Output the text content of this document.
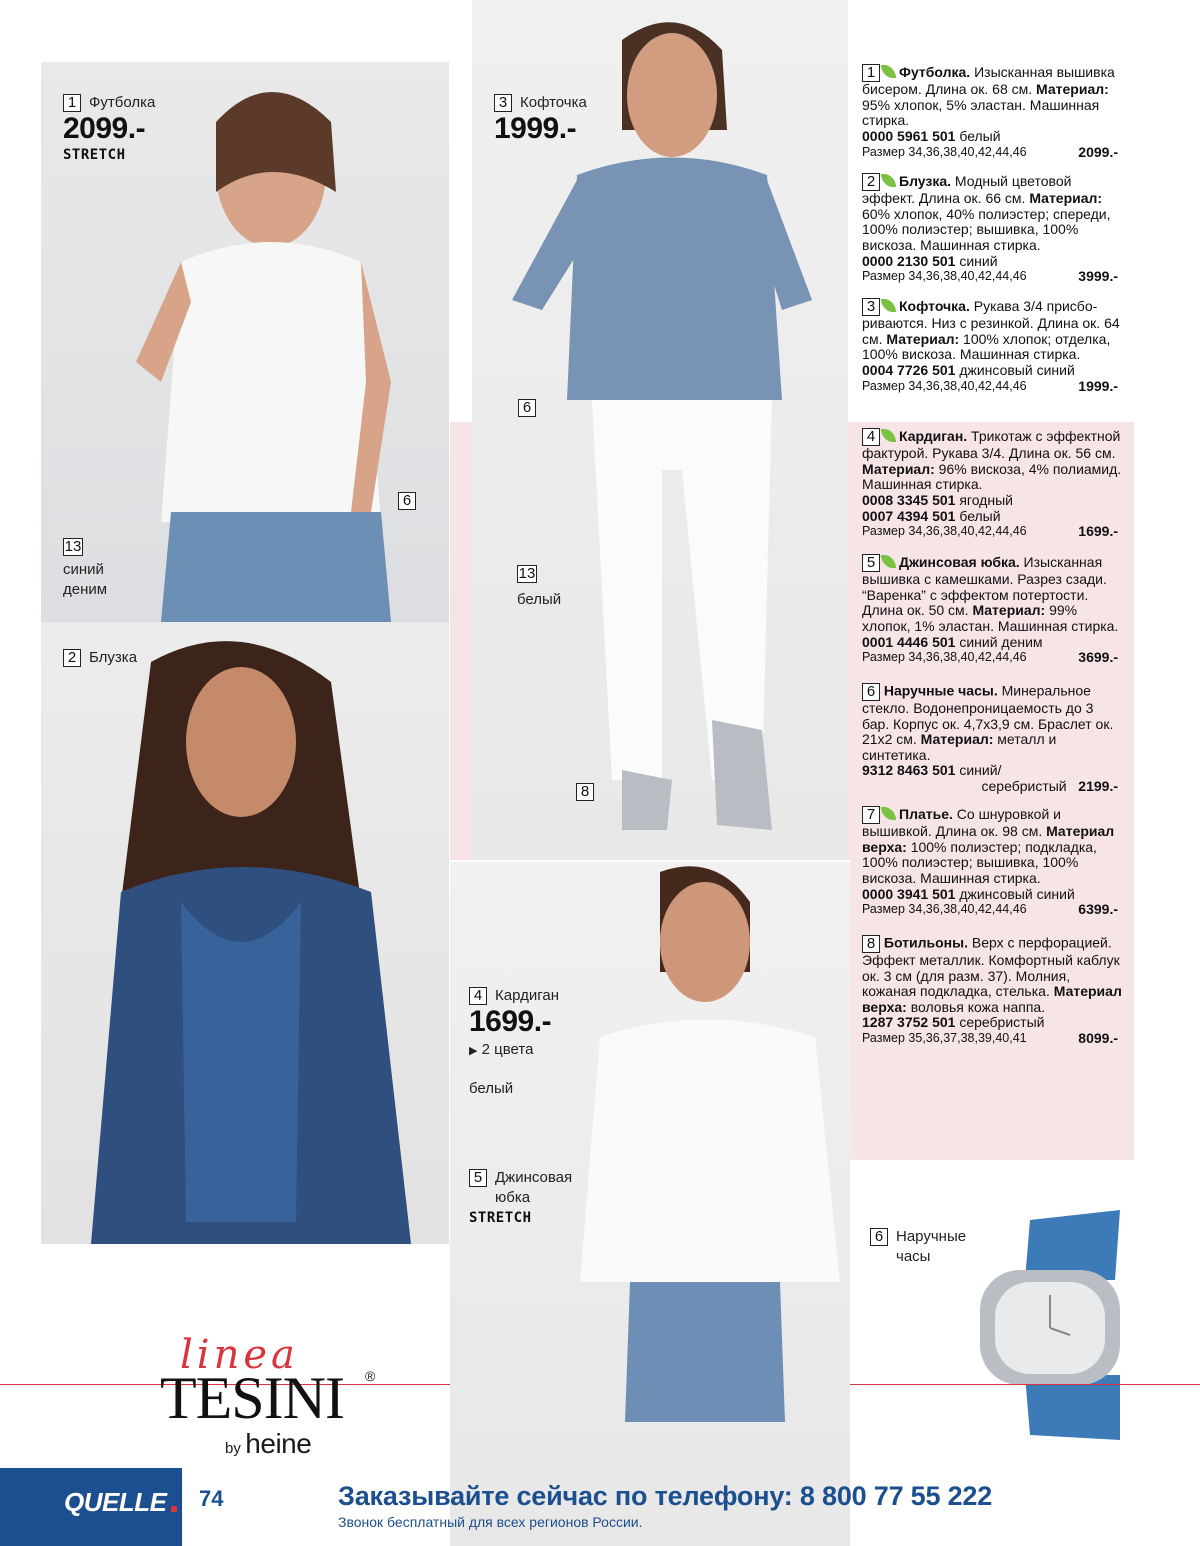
1 Футболка
2099.-
STRETCH
13
синий
деним
6
3 Кофточка
1999.-
6
13
белый
8
2 Блузка
4 Кардиган
1699.-
▶ 2 цвета
белый
5 Джинсовая
юбка
STRETCH
6 Наручные
часы
1 Футболка. Изысканная вышивка бисером. Длина ок. 68 см. Материал: 95% хлопок, 5% эластан. Машинная стирка.
0000 5961 501 белый
Размер 34,36,38,40,42,44,46	2099.-
2 Блузка. Модный цветовой эффект. Длина ок. 66 см. Материал: 60% хлопок, 40% полиэстер; спереди, 100% полиэстер; вышивка, 100% вискоза. Машинная стирка.
0000 2130 501 синий
Размер 34,36,38,40,42,44,46	3999.-
3 Кофточка. Рукава 3/4 присбориваются. Низ с резинкой. Длина ок. 64 см. Материал: 100% хлопок; отделка, 100% вискоза. Машинная стирка.
0004 7726 501 джинсовый синий
Размер 34,36,38,40,42,44,46	1999.-
4 Кардиган. Трикотаж с эффектной фактурой. Рукава 3/4. Длина ок. 56 см. Материал: 96% вискоза, 4% полиамид. Машинная стирка.
0008 3345 501 ягодный
0007 4394 501 белый
Размер 34,36,38,40,42,44,46	1699.-
5 Джинсовая юбка. Изысканная вышивка с камешками. Разрез сзади. “Варенка” с эффектом потертости. Длина ок. 50 см. Материал: 99% хлопок, 1% эластан. Машинная стирка.
0001 4446 501 синий деним
Размер 34,36,38,40,42,44,46	3699.-
6 Наручные часы. Минеральное стекло. Водонепроницаемость до 3 бар. Корпус ок. 4,7x3,9 см. Браслет ок. 21x2 см. Материал: металл и синтетика.
9312 8463 501 синий/
серебристый 2199.-
7 Платье. Со шнуровкой и вышивкой. Длина ок. 98 см. Материал верха: 100% полиэстер; подкладка, 100% полиэстер; вышивка, 100% вискоза. Машинная стирка.
0000 3941 501 джинсовый синий
Размер 34,36,38,40,42,44,46	6399.-
8 Ботильоны. Верх с перфорацией. Эффект металлик. Комфортный каблук ок. 3 см (для разм. 37). Молния, кожаная подкладка, стелька. Материал верха: воловья кожа наппа.
1287 3752 501 серебристый
Размер 35,36,37,38,39,40,41	8099.-
linea
TESINI ®
by heine
QUELLE 74	Заказывайте сейчас по телефону: 8 800 77 55 222
Звонок бесплатный для всех регионов России.
